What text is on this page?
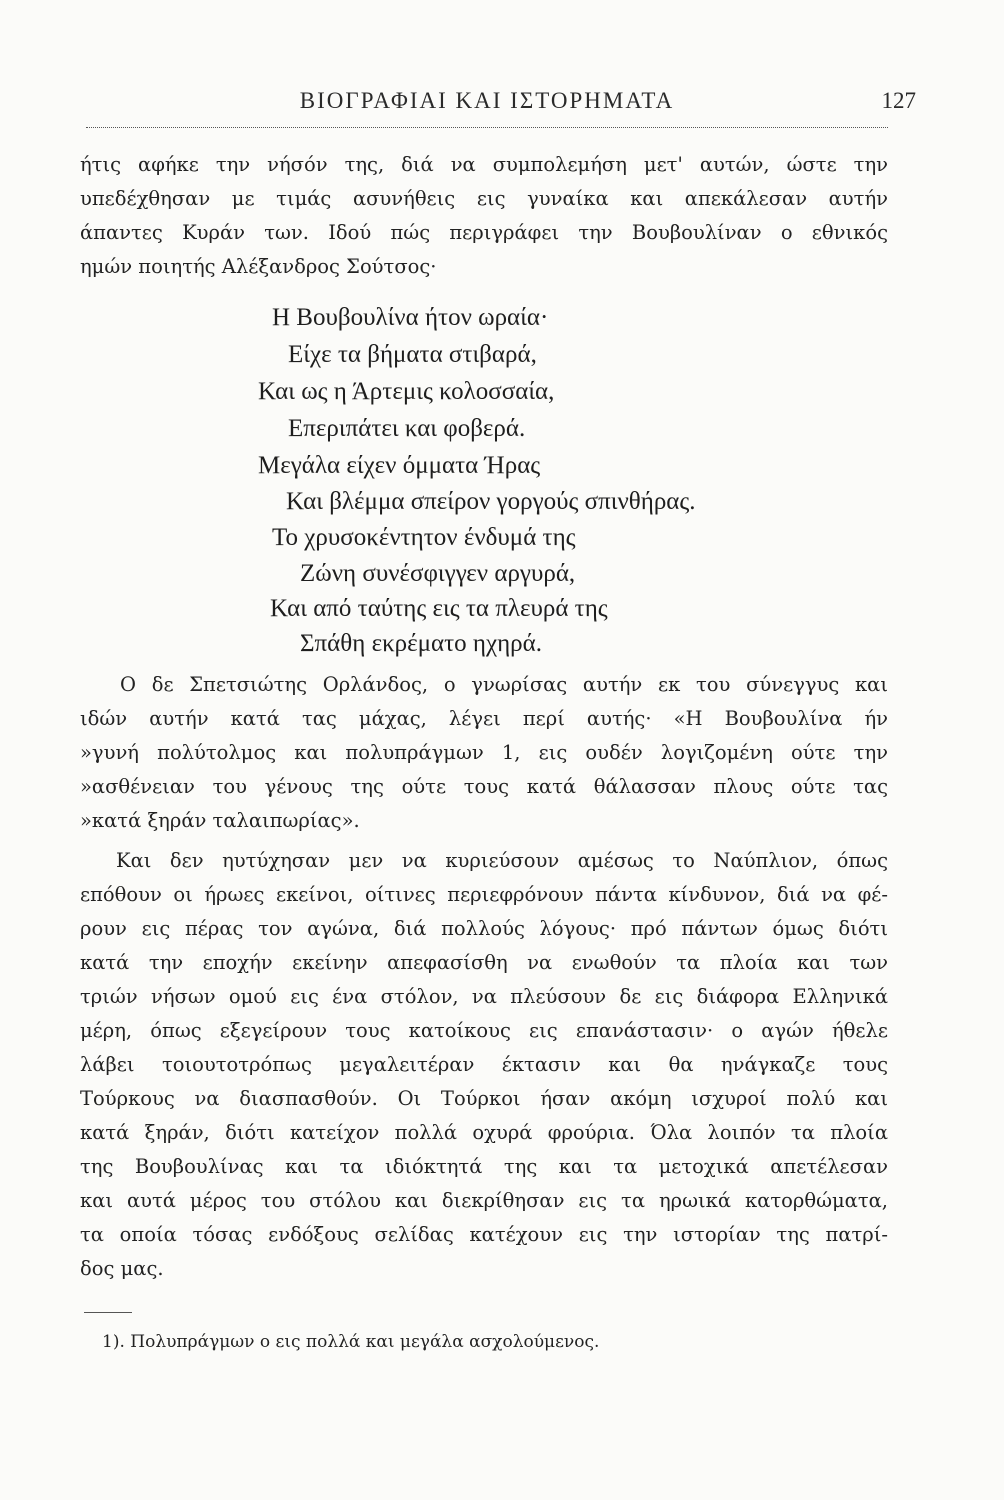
ΒΙΟΓΡΑΦΙΑΙ ΚΑΙ ΙΣΤΟΡΗΜΑΤΑ	127
ήτις αφήκε την νήσόν της, διά να συμπολεμήση μετ' αυτών, ώστε την
υπεδέχθησαν με τιμάς ασυνήθεις εις γυναίκα και απεκάλεσαν αυτήν
άπαντες Κυράν των. Ιδού πώς περιγράφει την Βουβουλίναν ο εθνικός
ημών ποιητής Αλέξανδρος Σούτσος·
Η Βουβουλίνα ήτον ωραία·
Είχε τα βήματα στιβαρά,
Και ως η Άρτεμις κολοσσαία,
Επεριπάτει και φοβερά.
Μεγάλα είχεν όμματα Ήρας
Και βλέμμα σπείρον γοργούς σπινθήρας.
Το χρυσοκέντητον ένδυμά της
Ζώνη συνέσφιγγεν αργυρά,
Και από ταύτης εις τα πλευρά της
Σπάθη εκρέματο ηχηρά.
Ο δε Σπετσιώτης Ορλάνδος, ο γνωρίσας αυτήν εκ του σύνεγγυς και
ιδών αυτήν κατά τας μάχας, λέγει περί αυτής· «Η Βουβουλίνα ήν
»γυνή πολύτολμος και πολυπράγμων 1, εις ουδέν λογιζομένη ούτε την
»ασθένειαν του γένους της ούτε τους κατά θάλασσαν πλους ούτε τας
»κατά ξηράν ταλαιπωρίας».
Και δεν ηυτύχησαν μεν να κυριεύσουν αμέσως το Ναύπλιον, όπως
επόθουν οι ήρωες εκείνοι, οίτινες περιεφρόνουν πάντα κίνδυνον, διά να φέ-
ρουν εις πέρας τον αγώνα, διά πολλούς λόγους· πρό πάντων όμως διότι
κατά την εποχήν εκείνην απεφασίσθη να ενωθούν τα πλοία και των
τριών νήσων ομού εις ένα στόλον, να πλεύσουν δε εις διάφορα Ελληνικά
μέρη, όπως εξεγείρουν τους κατοίκους εις επανάστασιν· ο αγών ήθελε
λάβει τοιουτοτρόπως μεγαλειτέραν έκτασιν και θα ηνάγκαζε τους
Τούρκους να διασπασθούν. Οι Τούρκοι ήσαν ακόμη ισχυροί πολύ και
κατά ξηράν, διότι κατείχον πολλά οχυρά φρούρια. Όλα λοιπόν τα πλοία
της Βουβουλίνας και τα ιδιόκτητά της και τα μετοχικά απετέλεσαν
και αυτά μέρος του στόλου και διεκρίθησαν εις τα ηρωικά κατορθώματα,
τα οποία τόσας ενδόξους σελίδας κατέχουν εις την ιστορίαν της πατρί-
δος μας.
1). Πολυπράγμων ο εις πολλά και μεγάλα ασχολούμενος.
